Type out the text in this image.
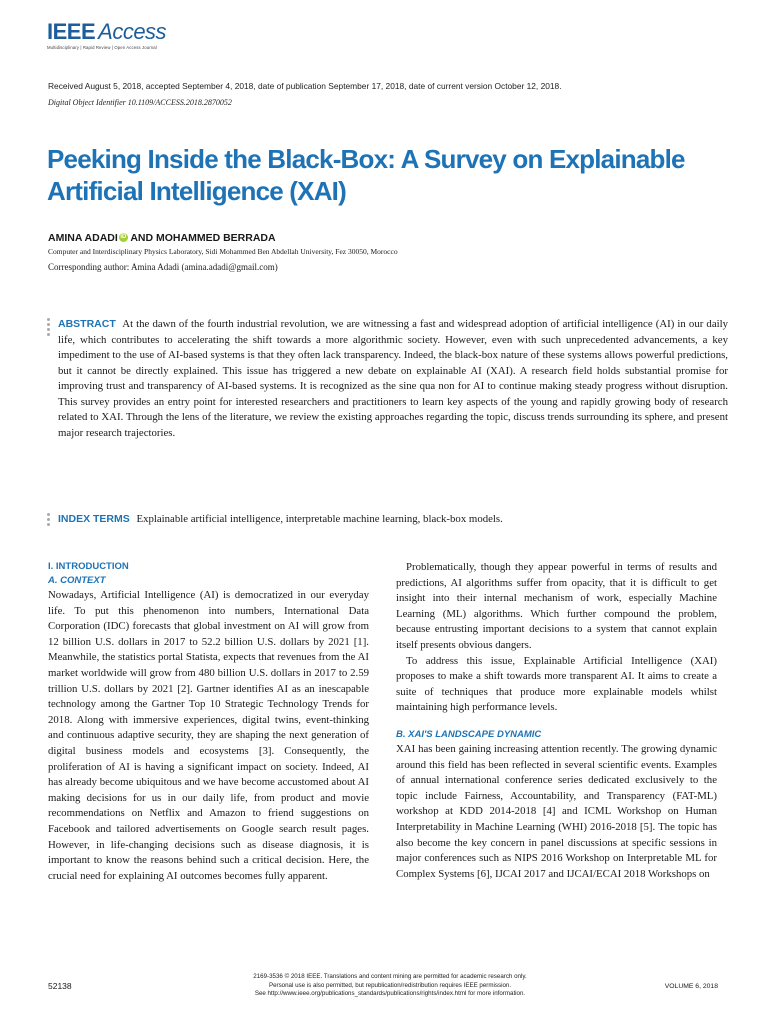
IEEE Access
Multidisciplinary | Rapid Review | Open Access Journal
Received August 5, 2018, accepted September 4, 2018, date of publication September 17, 2018, date of current version October 12, 2018.
Digital Object Identifier 10.1109/ACCESS.2018.2870052
Peeking Inside the Black-Box: A Survey on Explainable Artificial Intelligence (XAI)
AMINA ADADI iD AND MOHAMMED BERRADA
Computer and Interdisciplinary Physics Laboratory, Sidi Mohammed Ben Abdellah University, Fez 30050, Morocco
Corresponding author: Amina Adadi (amina.adadi@gmail.com)
ABSTRACT At the dawn of the fourth industrial revolution, we are witnessing a fast and widespread adoption of artificial intelligence (AI) in our daily life, which contributes to accelerating the shift towards a more algorithmic society. However, even with such unprecedented advancements, a key impediment to the use of AI-based systems is that they often lack transparency. Indeed, the black-box nature of these systems allows powerful predictions, but it cannot be directly explained. This issue has triggered a new debate on explainable AI (XAI). A research field holds substantial promise for improving trust and transparency of AI-based systems. It is recognized as the sine qua non for AI to continue making steady progress without disruption. This survey provides an entry point for interested researchers and practitioners to learn key aspects of the young and rapidly growing body of research related to XAI. Through the lens of the literature, we review the existing approaches regarding the topic, discuss trends surrounding its sphere, and present major research trajectories.
INDEX TERMS Explainable artificial intelligence, interpretable machine learning, black-box models.
I. INTRODUCTION
A. CONTEXT

Nowadays, Artificial Intelligence (AI) is democratized in our everyday life. To put this phenomenon into numbers, International Data Corporation (IDC) forecasts that global investment on AI will grow from 12 billion U.S. dollars in 2017 to 52.2 billion U.S. dollars by 2021 [1]. Meanwhile, the statistics portal Statista, expects that revenues from the AI market worldwide will grow from 480 billion U.S. dollars in 2017 to 2.59 trillion U.S. dollars by 2021 [2]. Gartner identifies AI as an inescapable technology among the Gartner Top 10 Strategic Technology Trends for 2018. Along with immersive experiences, digital twins, event-thinking and continuous adaptive security, they are shaping the next generation of digital business models and ecosystems [3]. Consequently, the proliferation of AI is having a significant impact on society. Indeed, AI has already become ubiquitous and we have become accustomed about AI making decisions for us in our daily life, from product and movie recommendations on Netflix and Amazon to friend suggestions on Facebook and tailored advertisements on Google search result pages. However, in life-changing decisions such as disease diagnosis, it is important to know the reasons behind such a critical decision. Here, the crucial need for explaining AI outcomes becomes fully apparent.

Problematically, though they appear powerful in terms of results and predictions, AI algorithms suffer from opacity, that it is difficult to get insight into their internal mechanism of work, especially Machine Learning (ML) algorithms. Which further compound the problem, because entrusting important decisions to a system that cannot explain itself presents obvious dangers.

To address this issue, Explainable Artificial Intelligence (XAI) proposes to make a shift towards more transparent AI. It aims to create a suite of techniques that produce more explainable models whilst maintaining high performance levels.

B. XAI'S LANDSCAPE DYNAMIC

XAI has been gaining increasing attention recently. The growing dynamic around this field has been reflected in several scientific events. Examples of annual international conference series dedicated exclusively to the topic include Fairness, Accountability, and Transparency (FAT-ML) workshop at KDD 2014-2018 [4] and ICML Workshop on Human Interpretability in Machine Learning (WHI) 2016-2018 [5]. The topic has also become the key concern in panel discussions at specific sessions in major conferences such as NIPS 2016 Workshop on Interpretable ML for Complex Systems [6], IJCAI 2017 and IJCAI/ECAI 2018 Workshops on

52138
2169-3536 © 2018 IEEE. Translations and content mining are permitted for academic research only.
Personal use is also permitted, but republication/redistribution requires IEEE permission.
See http://www.ieee.org/publications_standards/publications/rights/index.html for more information.
VOLUME 6, 2018
